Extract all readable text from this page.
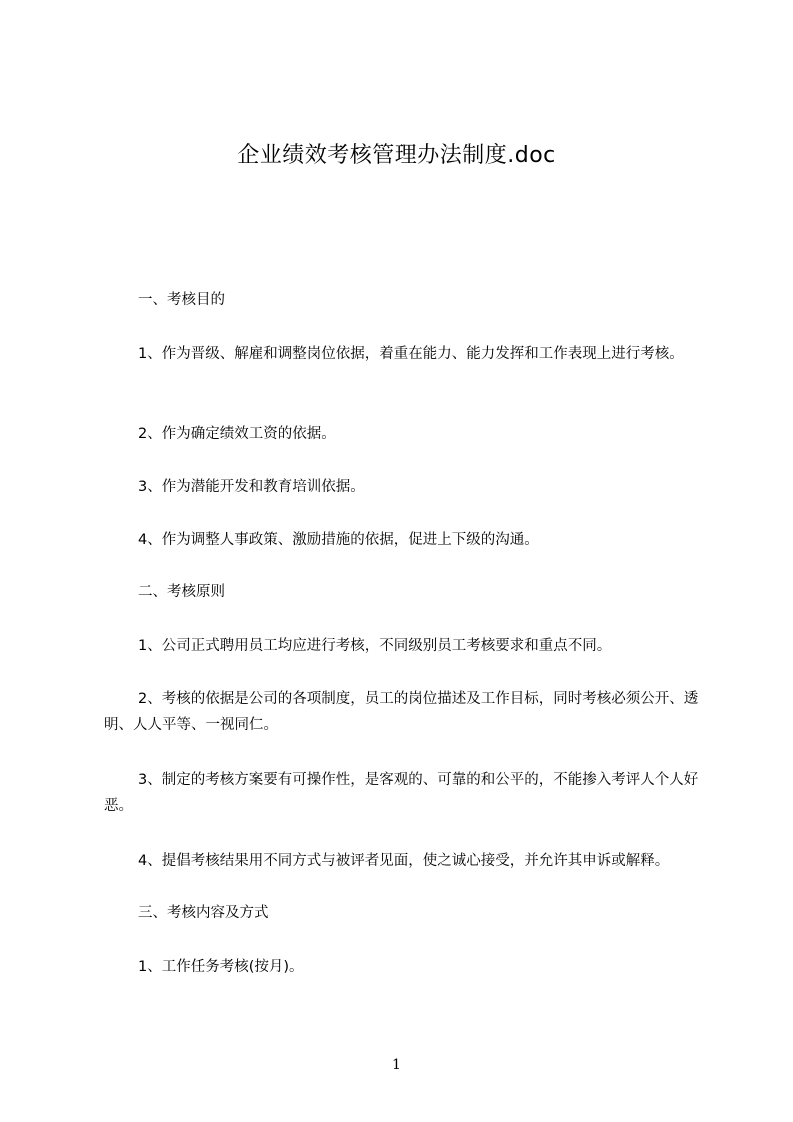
企业绩效考核管理办法制度.doc

一、考核目的

1、作为晋级、解雇和调整岗位依据，着重在能力、能力发挥和工作表现上进行考核。

2、作为确定绩效工资的依据。

3、作为潜能开发和教育培训依据。

4、作为调整人事政策、激励措施的依据，促进上下级的沟通。

二、考核原则

1、公司正式聘用员工均应进行考核，不同级别员工考核要求和重点不同。

2、考核的依据是公司的各项制度，员工的岗位描述及工作目标，同时考核必须公开、透明、人人平等、一视同仁。

3、制定的考核方案要有可操作性，是客观的、可靠的和公平的，不能掺入考评人个人好恶。

4、提倡考核结果用不同方式与被评者见面，使之诚心接受，并允许其申诉或解释。

三、考核内容及方式

1、工作任务考核(按月)。

1
